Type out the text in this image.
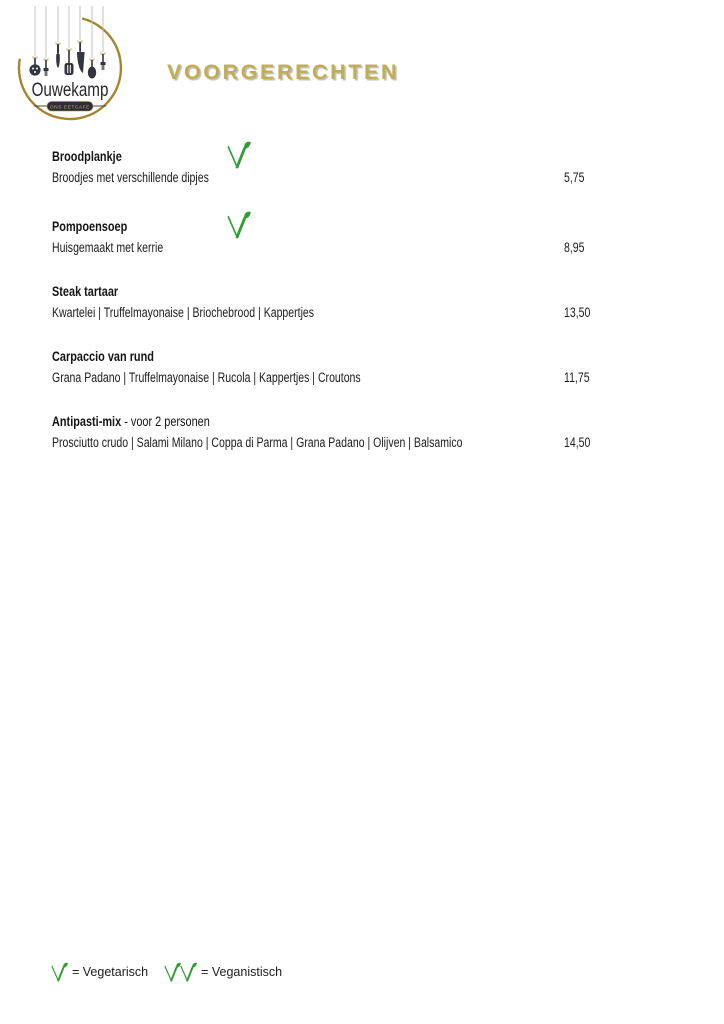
Ouwekamp
ONS EETCAFE
VOORGERECHTEN
Broodplankje
Broodjes met verschillende dipjes	5,75
Pompoensoep
Huisgemaakt met kerrie	8,95
Steak tartaar
Kwartelei | Truffelmayonaise | Briochebrood | Kappertjes	13,50
Carpaccio van rund
Grana Padano | Truffelmayonaise | Rucola | Kappertjes | Croutons	11,75
Antipasti-mix - voor 2 personen
Prosciutto crudo | Salami Milano | Coppa di Parma | Grana Padano | Olijven | Balsamico	14,50
= Vegetarisch	= Veganistisch
